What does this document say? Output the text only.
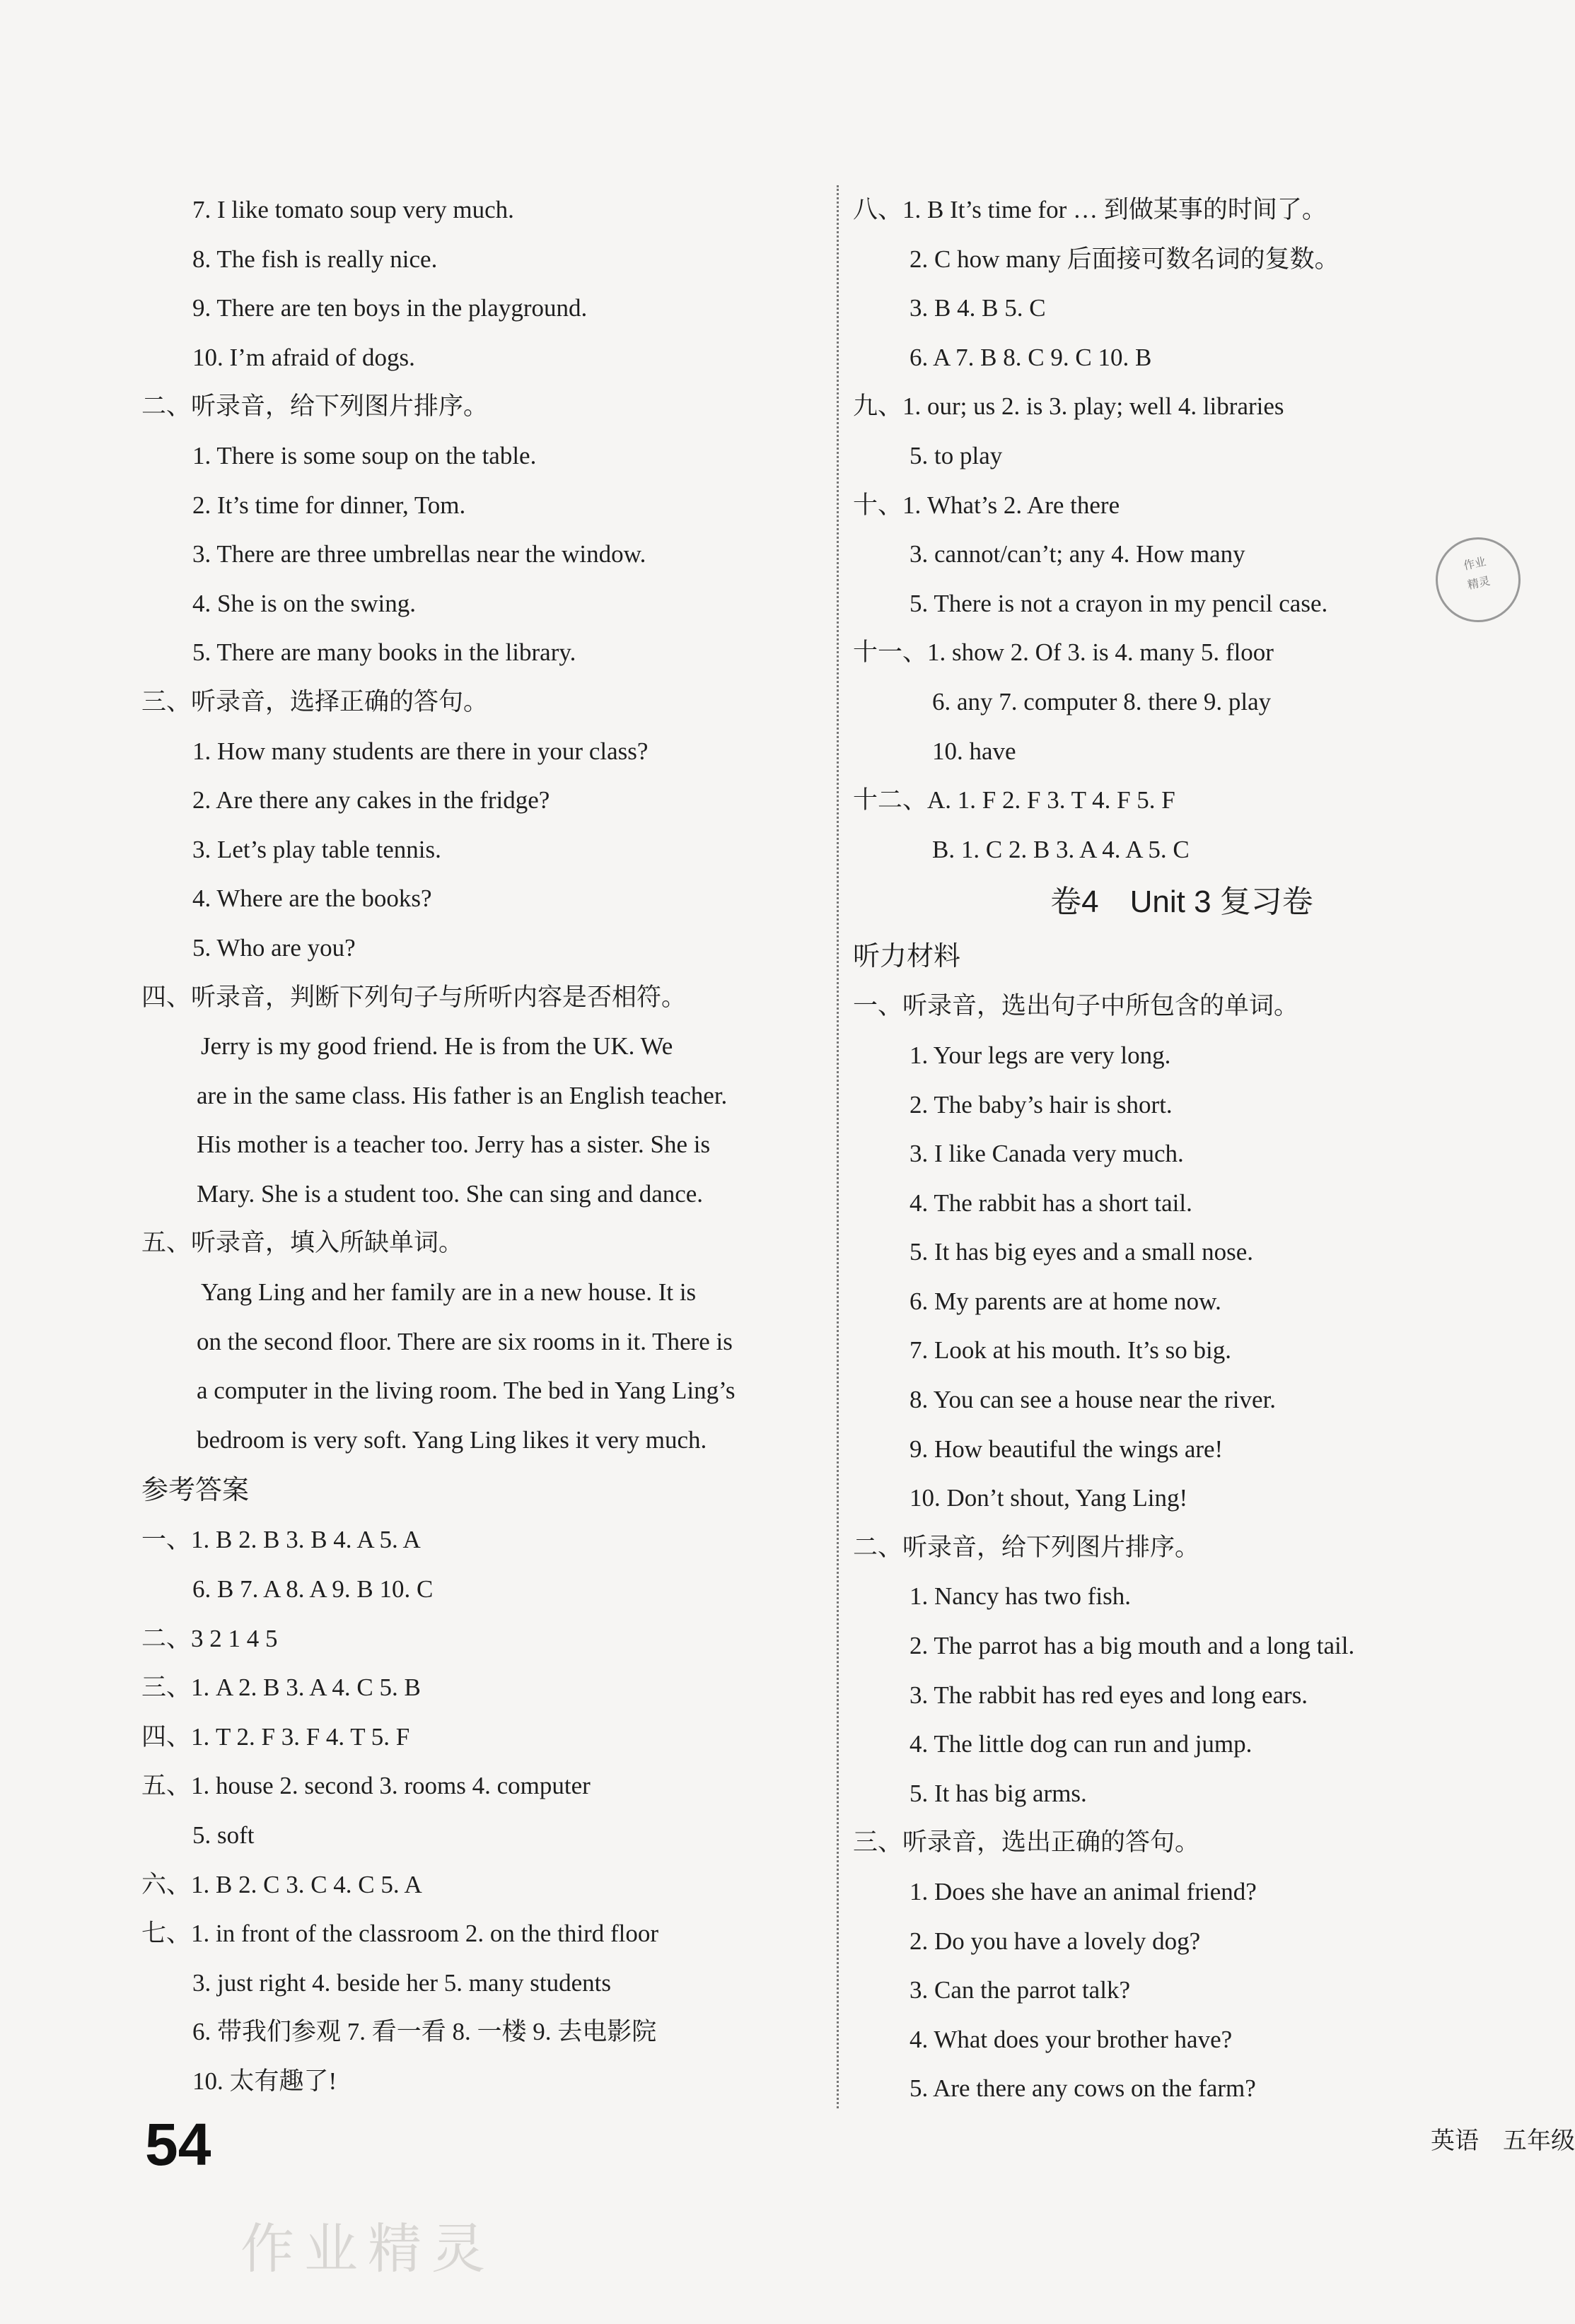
7. I like tomato soup very much.
8. The fish is really nice.
9. There are ten boys in the playground.
10. I’m afraid of dogs.
二、听录音，给下列图片排序。
1. There is some soup on the table.
2. It’s time for dinner, Tom.
3. There are three umbrellas near the window.
4. She is on the swing.
5. There are many books in the library.
三、听录音，选择正确的答句。
1. How many students are there in your class?
2. Are there any cakes in the fridge?
3. Let’s play table tennis.
4. Where are the books?
5. Who are you?
四、听录音，判断下列句子与所听内容是否相符。
Jerry is my good friend. He is from the UK. We
are in the same class. His father is an English teacher.
His mother is a teacher too. Jerry has a sister. She is
Mary. She is a student too. She can sing and dance.
五、听录音，填入所缺单词。
Yang Ling and her family are in a new house. It is
on the second floor. There are six rooms in it. There is
a computer in the living room. The bed in Yang Ling’s
bedroom is very soft. Yang Ling likes it very much.
参考答案
一、1. B 2. B 3. B 4. A 5. A
6. B 7. A 8. A 9. B 10. C
二、3 2 1 4 5
三、1. A 2. B 3. A 4. C 5. B
四、1. T 2. F 3. F 4. T 5. F
五、1. house 2. second 3. rooms 4. computer
5. soft
六、1. B 2. C 3. C 4. C 5. A
七、1. in front of the classroom 2. on the third floor
3. just right 4. beside her 5. many students
6. 带我们参观 7. 看一看 8. 一楼 9. 去电影院
10. 太有趣了!
八、1. B It’s time for … 到做某事的时间了。
2. C how many 后面接可数名词的复数。
3. B 4. B 5. C
6. A 7. B 8. C 9. C 10. B
九、1. our; us 2. is 3. play; well 4. libraries
5. to play
十、1. What’s 2. Are there
3. cannot/can’t; any 4. How many
5. There is not a crayon in my pencil case.
十一、1. show 2. Of 3. is 4. many 5. floor
6. any 7. computer 8. there 9. play
10. have
十二、A. 1. F 2. F 3. T 4. F 5. F
B. 1. C 2. B 3. A 4. A 5. C
卷4　Unit 3 复习卷
听力材料
一、听录音，选出句子中所包含的单词。
1. Your legs are very long.
2. The baby’s hair is short.
3. I like Canada very much.
4. The rabbit has a short tail.
5. It has big eyes and a small nose.
6. My parents are at home now.
7. Look at his mouth. It’s so big.
8. You can see a house near the river.
9. How beautiful the wings are!
10. Don’t shout, Yang Ling!
二、听录音，给下列图片排序。
1. Nancy has two fish.
2. The parrot has a big mouth and a long tail.
3. The rabbit has red eyes and long ears.
4. The little dog can run and jump.
5. It has big arms.
三、听录音，选出正确的答句。
1. Does she have an animal friend?
2. Do you have a lovely dog?
3. Can the parrot talk?
4. What does your brother have?
5. Are there any cows on the farm?
54	英语　五年级
作业
精灵
作业精灵
